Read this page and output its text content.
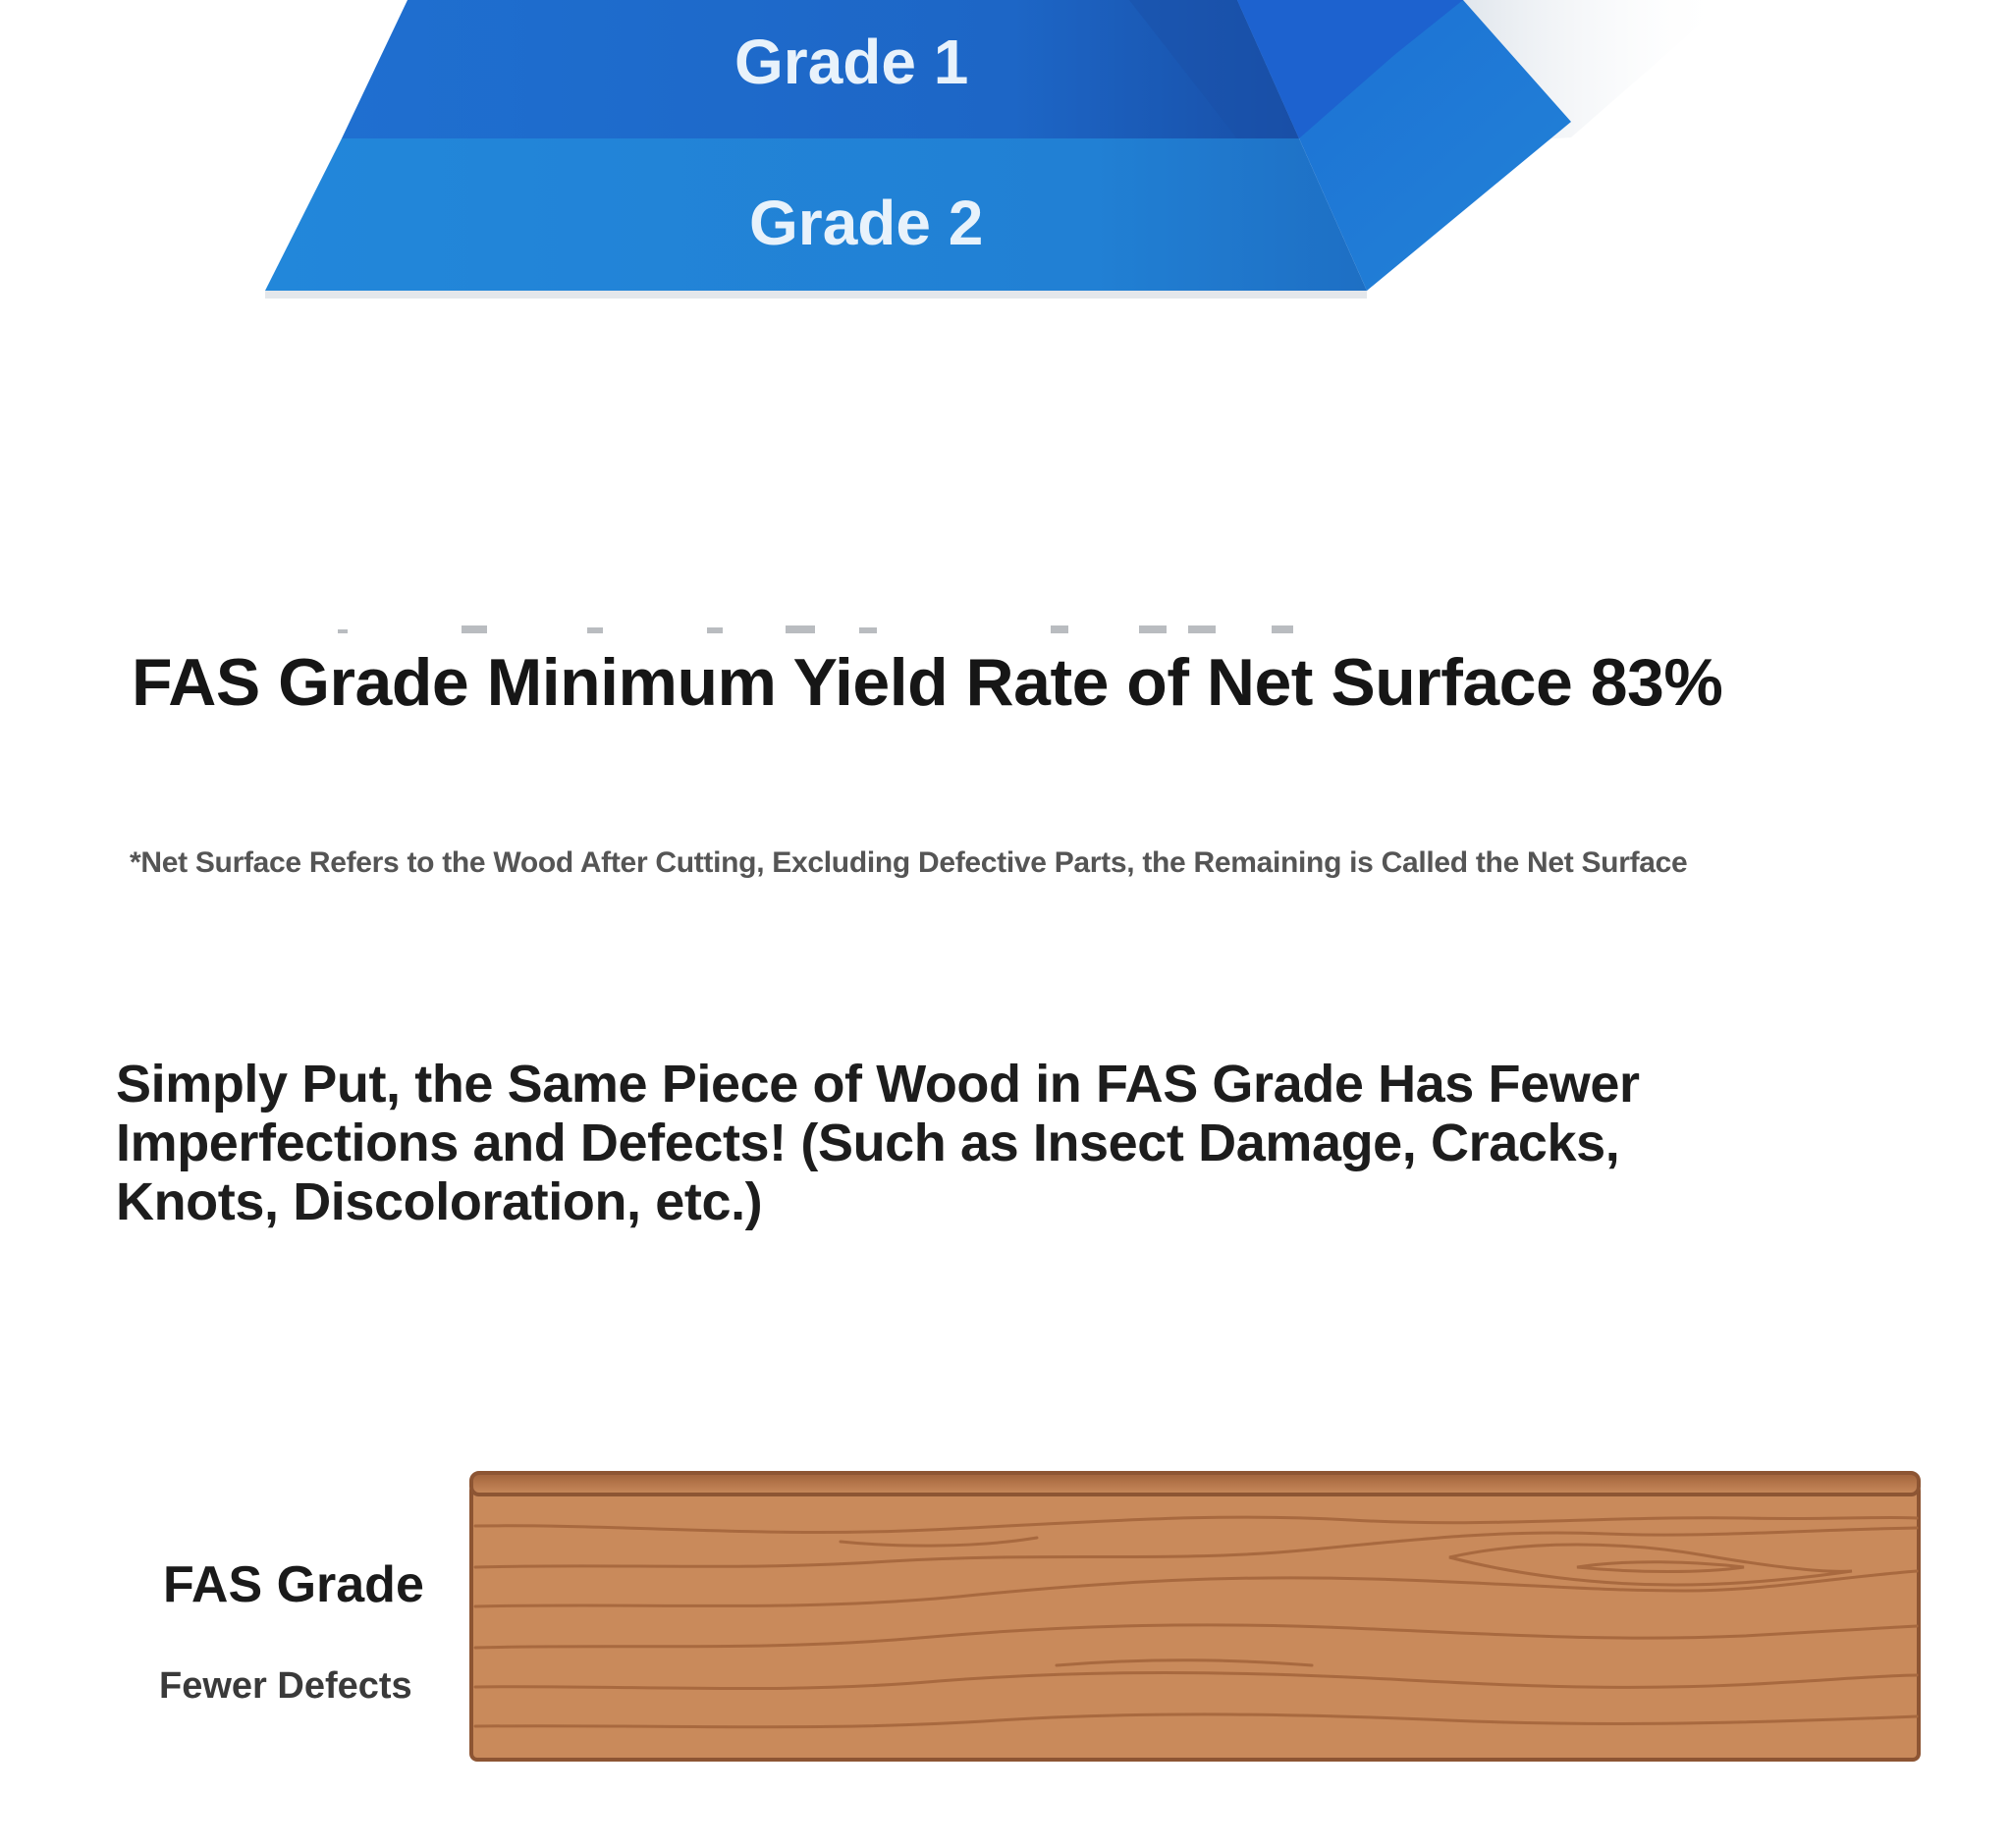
Grade 1
Grade 2
FAS Grade Minimum Yield Rate of Net Surface 83%
*Net Surface Refers to the Wood After Cutting, Excluding Defective Parts, the Remaining is Called the Net Surface
Simply Put, the Same Piece of Wood in FAS Grade Has Fewer Imperfections and Defects! (Such as Insect Damage, Cracks, Knots, Discoloration, etc.)
FAS Grade
Fewer Defects
